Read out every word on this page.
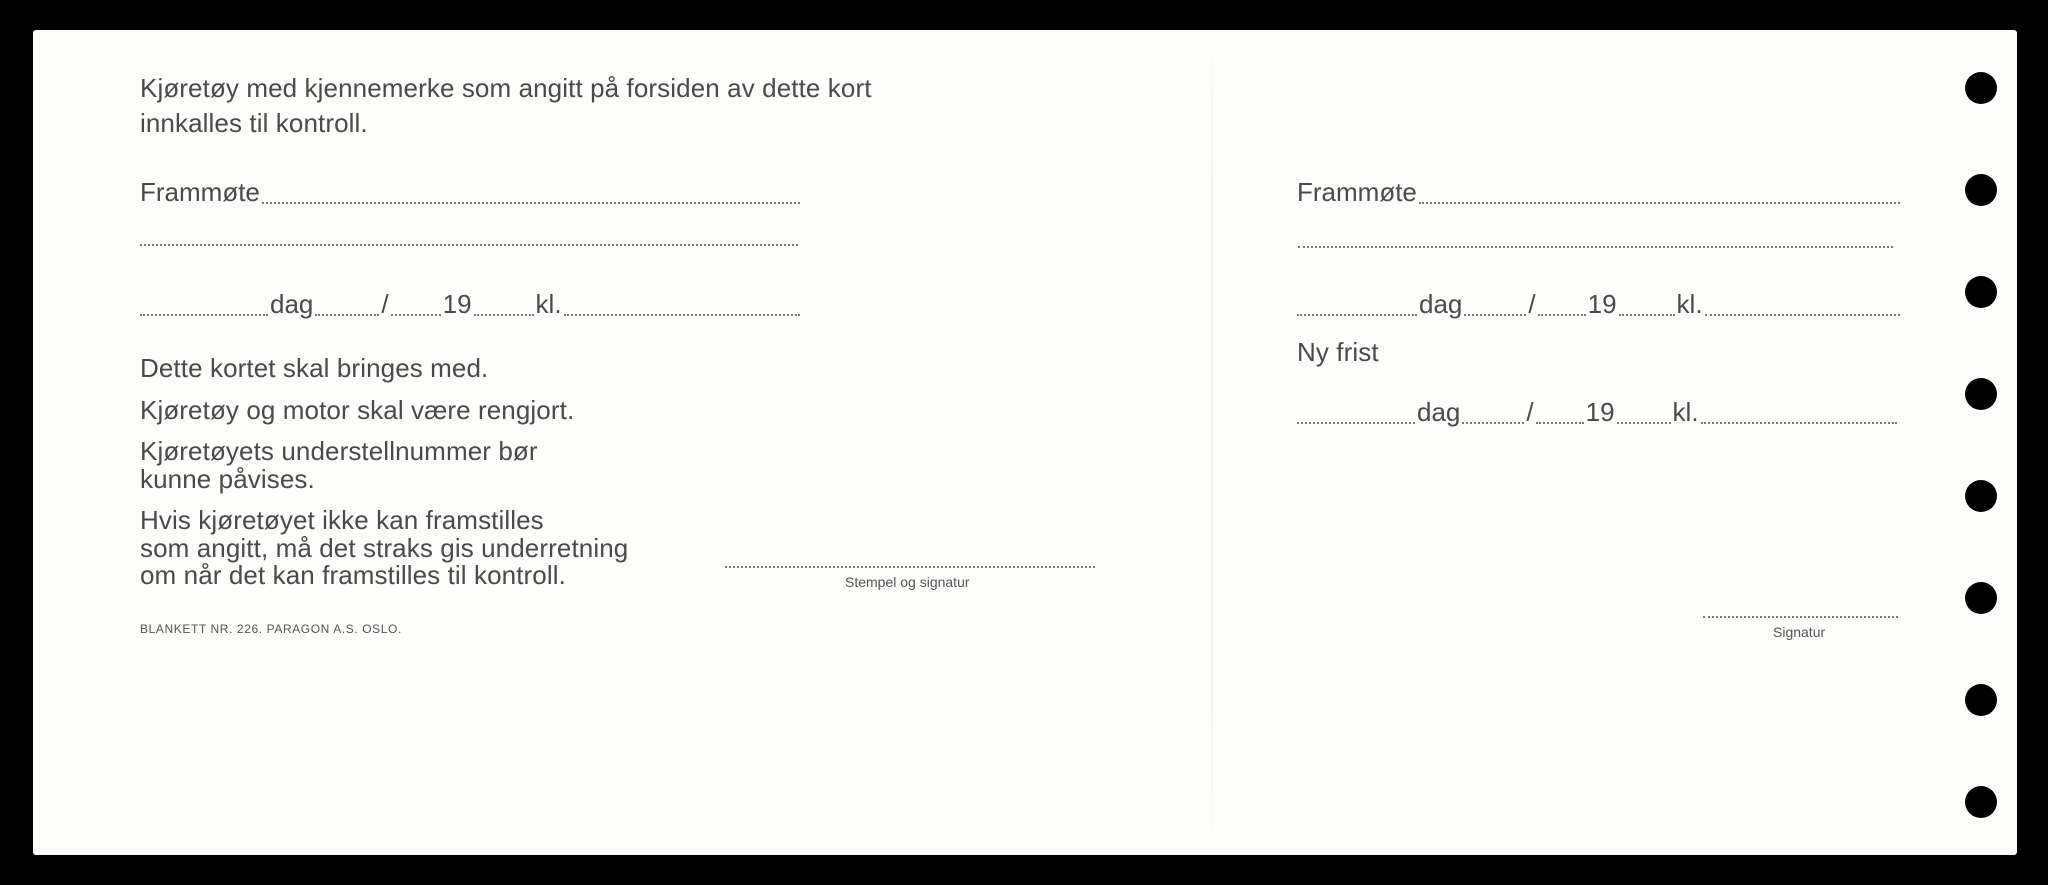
Kjøretøy med kjennemerke som angitt på forsiden av dette kort
innkalles til kontroll.
Frammøte
dag	/ 19 kl.
Dette kortet skal bringes med.
Kjøretøy og motor skal være rengjort.
Kjøretøyets understellnummer bør
kunne påvises.
Hvis kjøretøyet ikke kan framstilles
som angitt, må det straks gis underretning
om når det kan framstilles til kontroll.	Stempel og signatur
BLANKETT NR. 226. PARAGON A.S. OSLO.
Frammøte
dag	/ 19 kl.
Ny frist
dag	/ 19 kl.
Signatur
